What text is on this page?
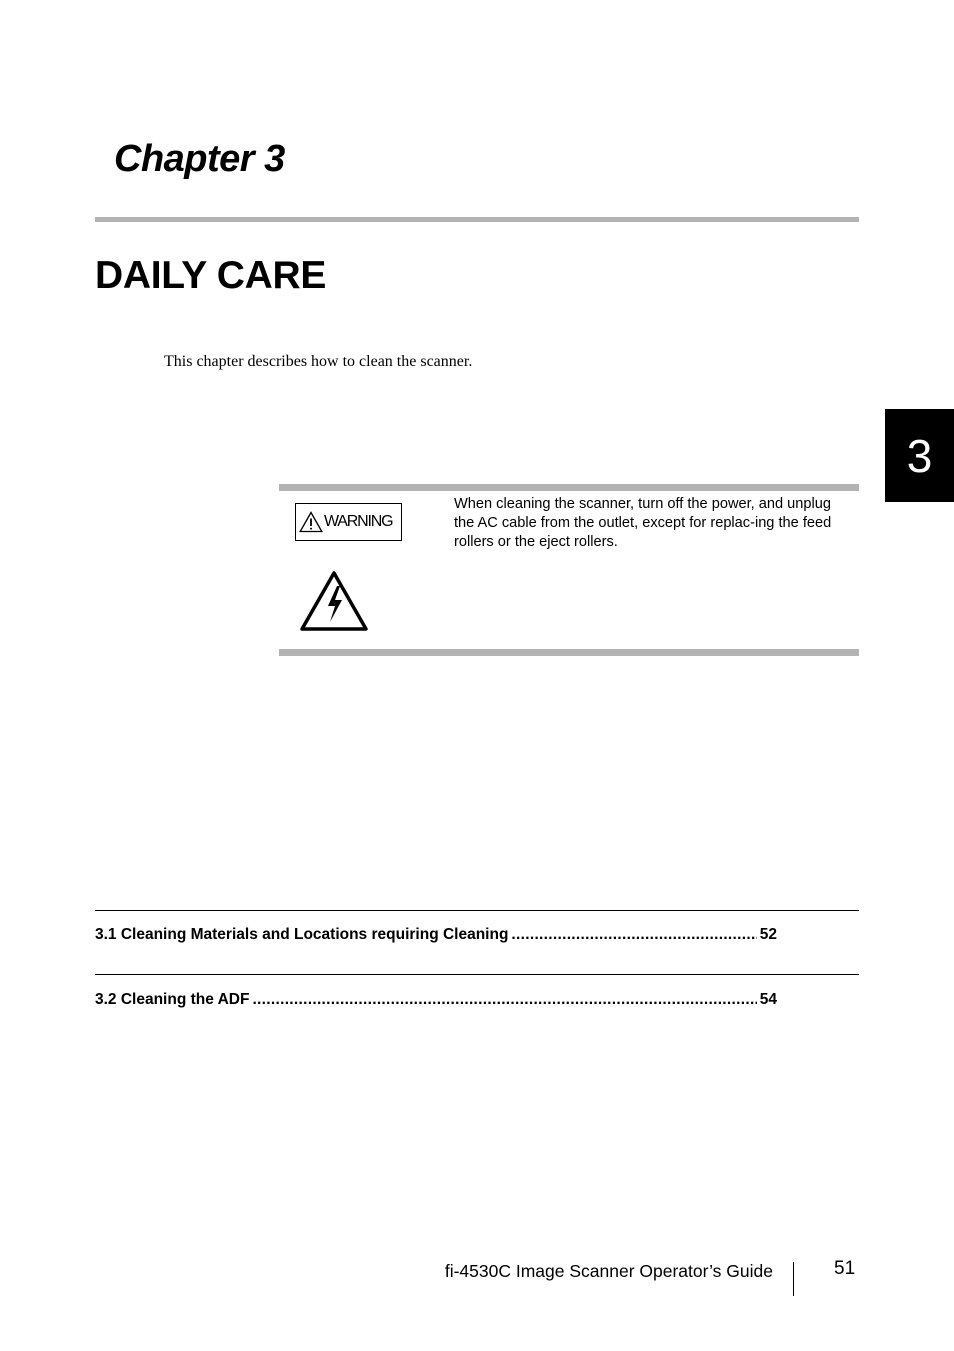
Chapter 3
DAILY CARE
This chapter describes how to clean the scanner.
3
WARNING
When cleaning the scanner, turn off the power, and unplug the AC cable from the outlet, except for replac-ing the feed rollers or the eject rollers.
3.1 Cleaning Materials and Locations requiring Cleaning .....	52
3.2 Cleaning the ADF .....	54
fi-4530C Image Scanner Operator’s Guide	51
